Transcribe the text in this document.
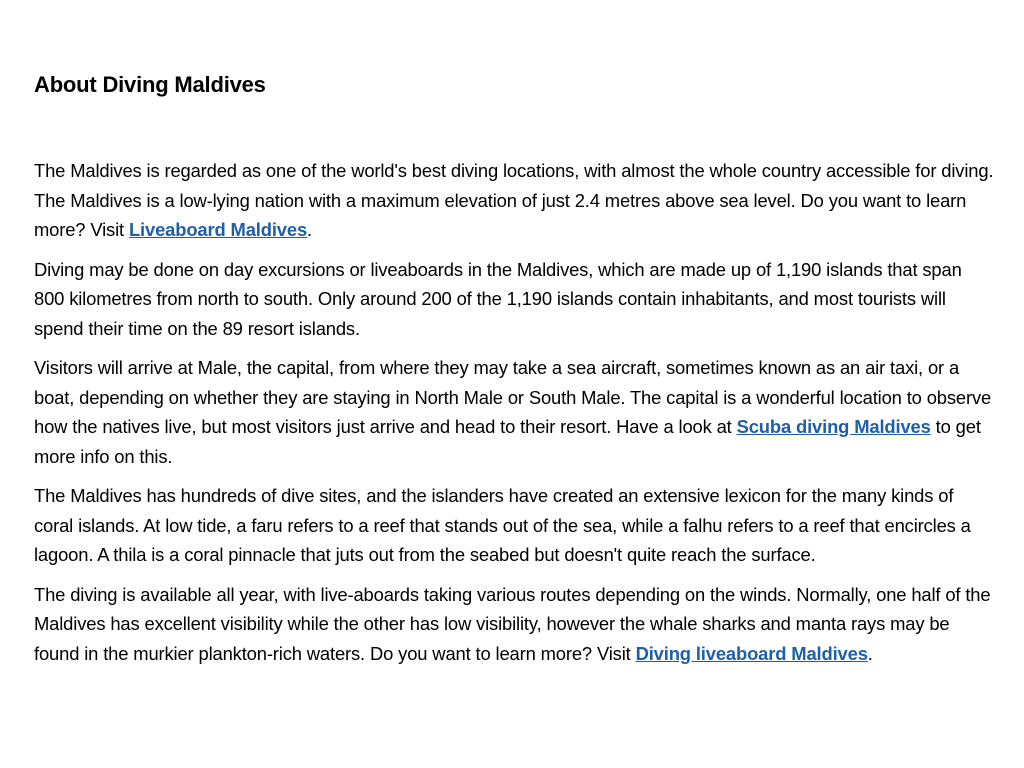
About Diving Maldives

The Maldives is regarded as one of the world's best diving locations, with almost the whole country accessible for diving. The Maldives is a low-lying nation with a maximum elevation of just 2.4 metres above sea level. Do you want to learn more? Visit Liveaboard Maldives.

Diving may be done on day excursions or liveaboards in the Maldives, which are made up of 1,190 islands that span 800 kilometres from north to south. Only around 200 of the 1,190 islands contain inhabitants, and most tourists will spend their time on the 89 resort islands.

Visitors will arrive at Male, the capital, from where they may take a sea aircraft, sometimes known as an air taxi, or a boat, depending on whether they are staying in North Male or South Male. The capital is a wonderful location to observe how the natives live, but most visitors just arrive and head to their resort. Have a look at Scuba diving Maldives to get more info on this.

The Maldives has hundreds of dive sites, and the islanders have created an extensive lexicon for the many kinds of coral islands. At low tide, a faru refers to a reef that stands out of the sea, while a falhu refers to a reef that encircles a lagoon. A thila is a coral pinnacle that juts out from the seabed but doesn't quite reach the surface.

The diving is available all year, with live-aboards taking various routes depending on the winds. Normally, one half of the Maldives has excellent visibility while the other has low visibility, however the whale sharks and manta rays may be found in the murkier plankton-rich waters. Do you want to learn more? Visit Diving liveaboard Maldives.
